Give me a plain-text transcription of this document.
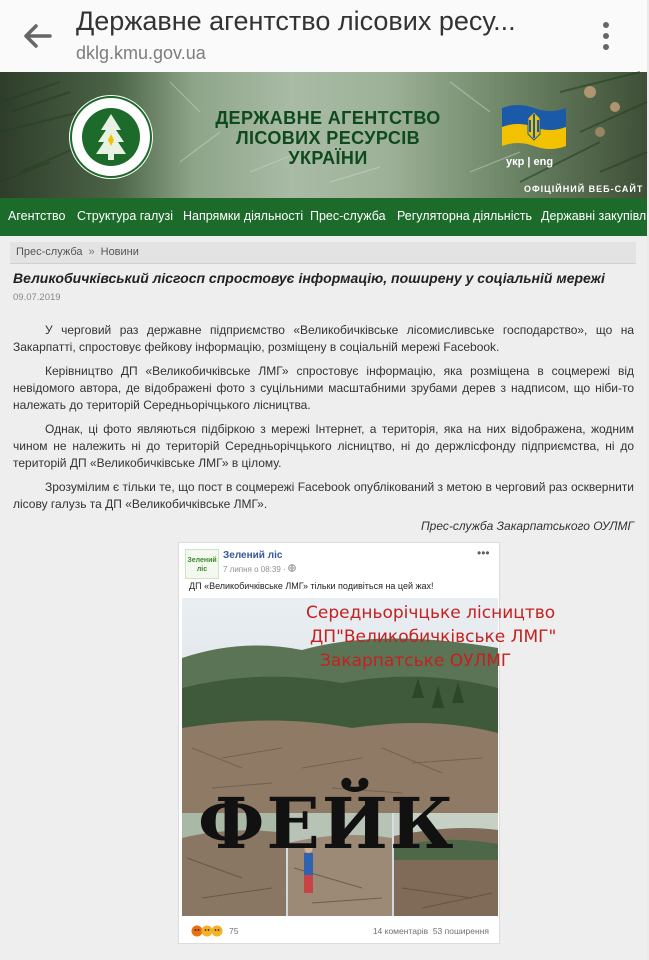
Державне агентство лісових ресу...
dklg.kmu.gov.ua
ДЕРЖАВНЕ АГЕНТСТВО
ЛІСОВИХ РЕСУРСІВ
УКРАЇНИ	укр | eng
ОФІЦІЙНИЙ ВЕБ-САЙТ
Агентство Структура галузі Напрямки діяльності Прес-служба Регуляторна діяльність Державні закупівлі
Прес-служба » Новини
Великобичківський лісгосп спростовує інформацію, поширену у соціальній мережі
09.07.2019
У черговий раз державне підприємство «Великобичківське лісомисливське господарство», що на Закарпатті, спростовує фейкову інформацію, розміщену в соціальній мережі Facebook.
Керівництво ДП «Великобичківське ЛМГ» спростовує інформацію, яка розміщена в соцмережі від невідомого автора, де відображені фото з суцільними масштабними зрубами дерев з надписом, що ніби-то належать до територій Середньорічцького лісництва.
Однак, ці фото являються підбіркою з мережі Інтернет, а територія, яка на них відображена, жодним чином не належить ні до територій Середньорічцького лісництво, ні до держлісфонду підприємства, ні до територій ДП «Великобичківське ЛМГ» в цілому.
Зрозумілим є тільки те, що пост в соцмережі Facebook опублікований з метою в черговий раз осквернити лісову галузь та ДП «Великобичківське ЛМГ».
Прес-служба Закарпатського ОУЛМГ
Зелений
ліс
Зелений ліс
7 липня о 08:39 ·
•••
ДП «Великобичківське ЛМГ» тільки подивіться на цей жах!
Середньорічцьке лісництво
ДП"Великобичківське ЛМГ"
Закарпатське ОУЛМГ
ФЕЙК
75	14 коментарів 53 поширення
